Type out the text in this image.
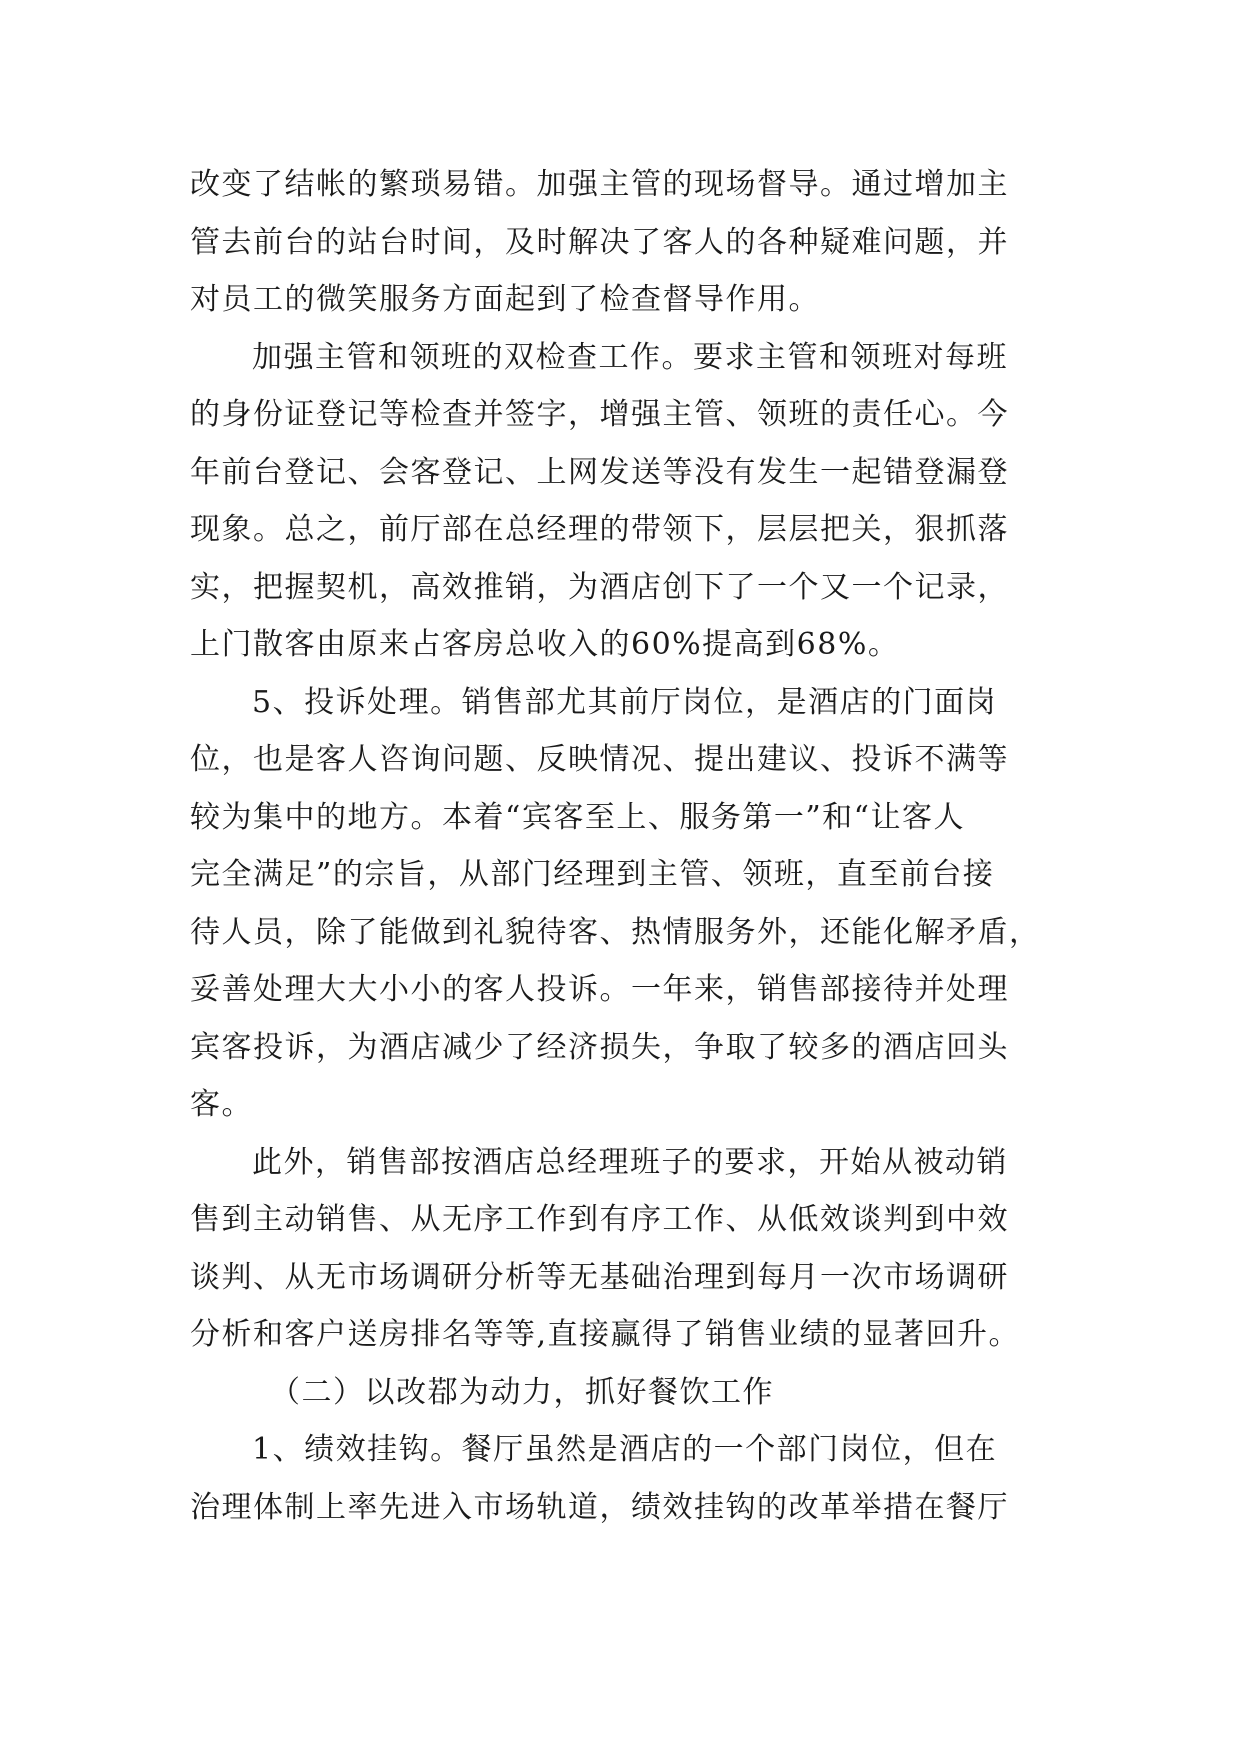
改变了结帐的繁琐易错。加强主管的现场督导。通过增加主
管去前台的站台时间，及时解决了客人的各种疑难问题，并
对员工的微笑服务方面起到了检查督导作用。
加强主管和领班的双检查工作。要求主管和领班对每班
的身份证登记等检查并签字，增强主管、领班的责任心。今
年前台登记、会客登记、上网发送等没有发生一起错登漏登
现象。总之，前厅部在总经理的带领下，层层把关，狠抓落
实，把握契机，高效推销，为酒店创下了一个又一个记录，
上门散客由原来占客房总收入的60%提高到68%。
5、投诉处理。销售部尤其前厅岗位，是酒店的门面岗
位，也是客人咨询问题、反映情况、提出建议、投诉不满等
较为集中的地方。本着“宾客至上、服务第一”和“让客人
完全满足”的宗旨，从部门经理到主管、领班，直至前台接
待人员，除了能做到礼貌待客、热情服务外，还能化解矛盾，
妥善处理大大小小的客人投诉。一年来，销售部接待并处理
宾客投诉，为酒店减少了经济损失，争取了较多的酒店回头
客。
此外，销售部按酒店总经理班子的要求，开始从被动销
售到主动销售、从无序工作到有序工作、从低效谈判到中效
谈判、从无市场调研分析等无基础治理到每月一次市场调研
分析和客户送房排名等等,直接赢得了销售业绩的显著回升。
（二）以改鄀为动力，抓好餐饮工作
1、绩效挂钩。餐厅虽然是酒店的一个部门岗位，但在
治理体制上率先进入市场轨道，绩效挂钩的改革举措在餐厅
